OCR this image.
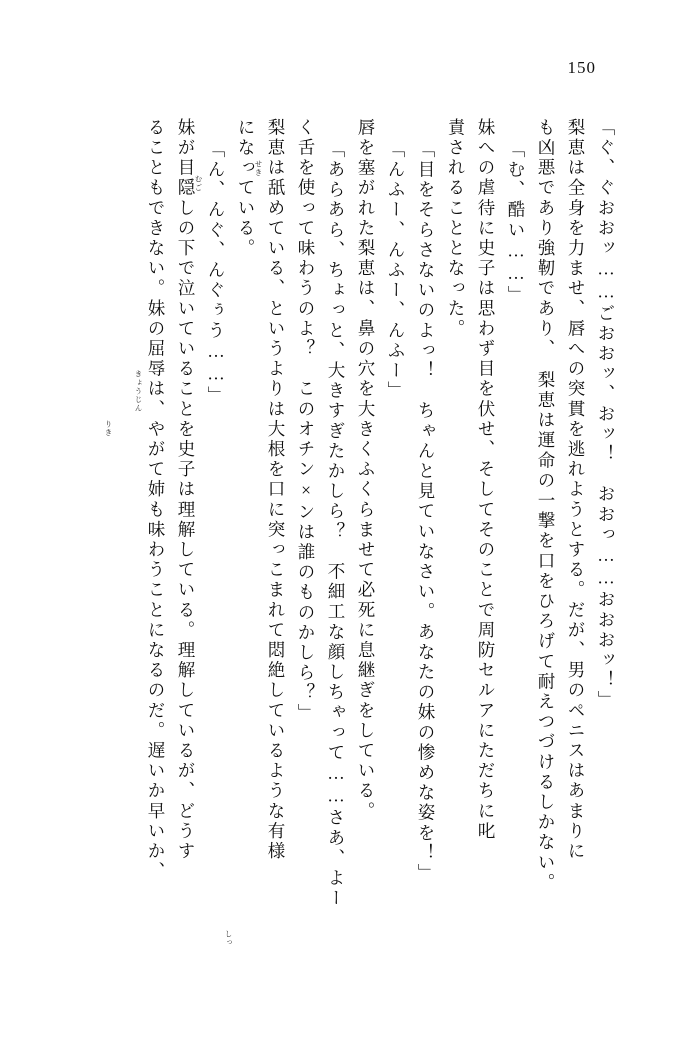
150
「ぐ、ぐおおッ……ごおおッ、おッ！　おおっ……おおおッ！」
梨恵は全身を力ませ、唇への突貫を逃れようとする。だが、男のペニスはあまりに
も凶悪であり強靭であり、　梨恵は運命の一撃を口をひろげて耐えつづけるしかない。
「む、酷い……」
妹への虐待に史子は思わず目を伏せ、そしてそのことで周防セルアにただちに叱
責されることとなった。
「目をそらさないのよっ！　ちゃんと見ていなさい。あなたの妹の惨めな姿を！」
「んふー、んふー、んふー」
唇を塞がれた梨恵は、鼻の穴を大きくふくらませて必死に息継ぎをしている。
「あらあら、ちょっと、大きすぎたかしら？　不細工な顔しちゃって……さあ、よー
く舌を使って味わうのよ？　このオチン×ンは誰のものかしら？」
梨恵は舐めている、というよりは大根を口に突っこまれて悶絶しているような有様
になっている。
「ん、んぐ、んぐぅう……」
妹が目隠しの下で泣いていることを史子は理解している。理解しているが、どうす
ることもできない。妹の屈辱は、やがて姉も味わうことになるのだ。遅いか早いか、
りき
きょうじん
むご
せき
しっ
